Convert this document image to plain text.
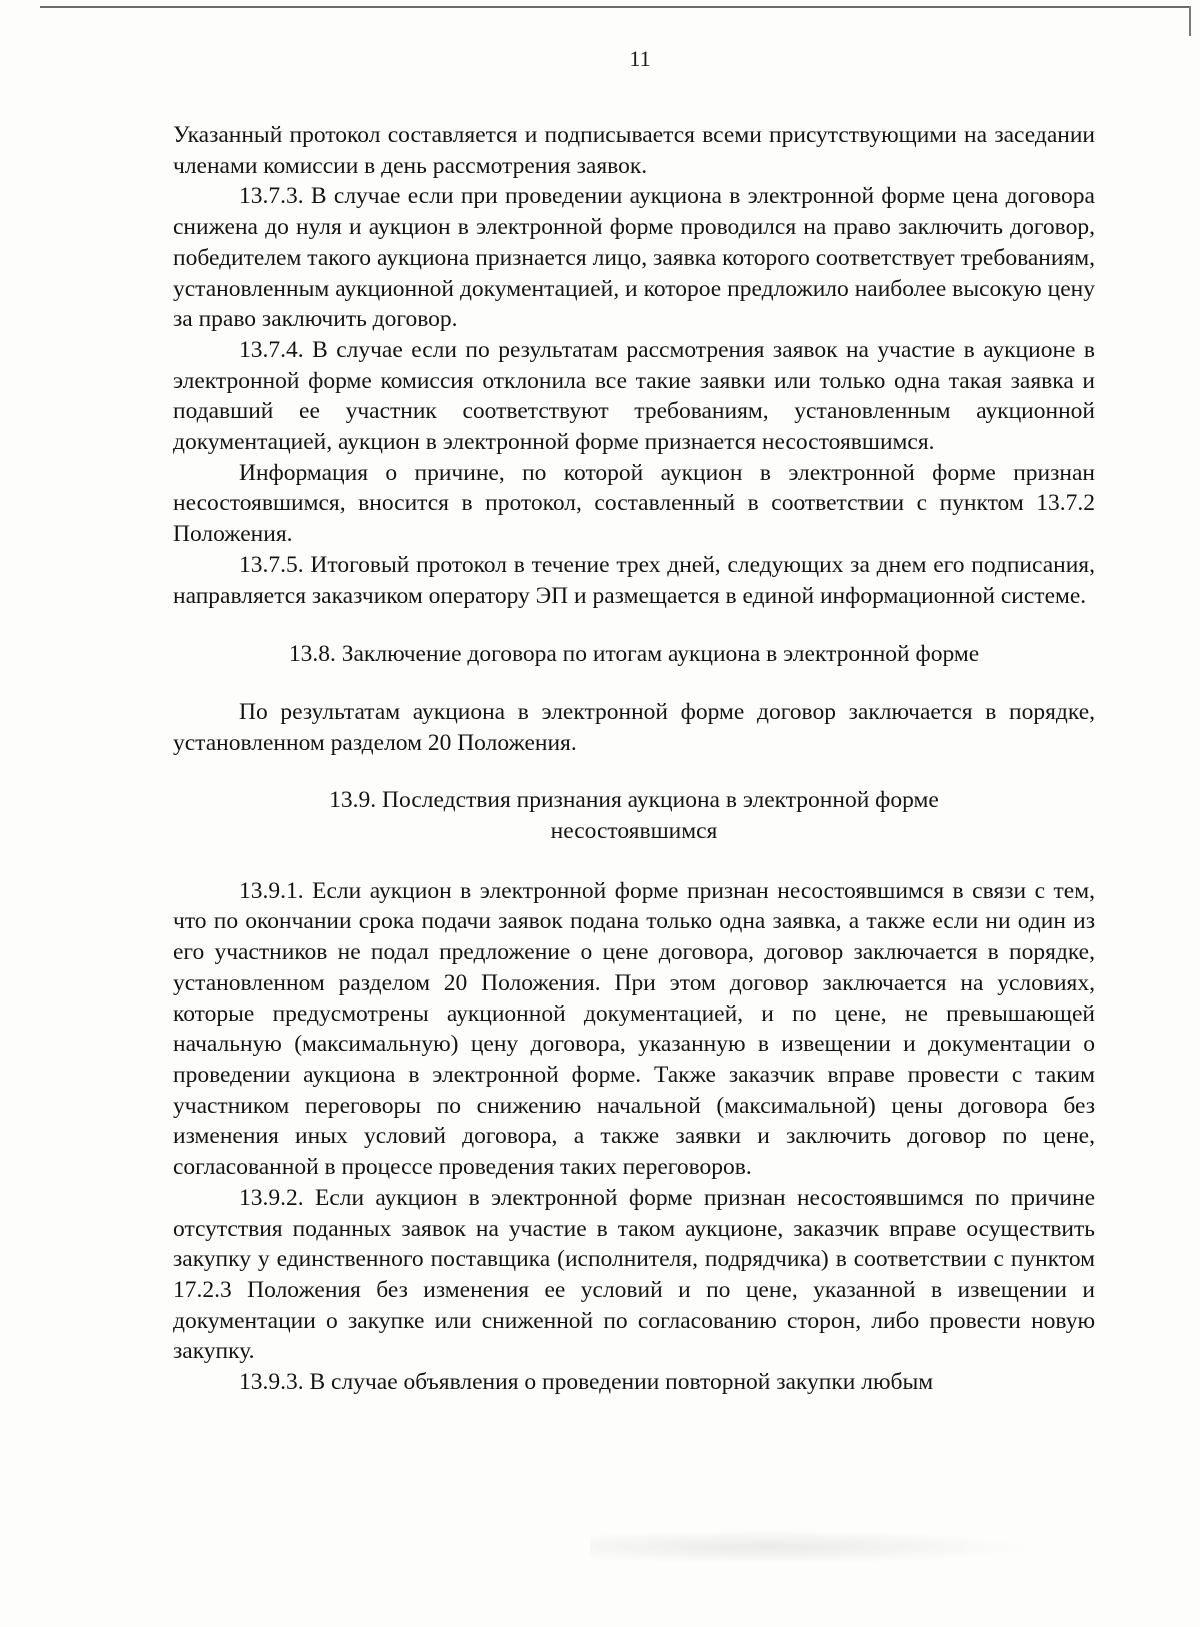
11

Указанный протокол составляется и подписывается всеми присутствующими на заседании членами комиссии в день рассмотрения заявок.

13.7.3. В случае если при проведении аукциона в электронной форме цена договора снижена до нуля и аукцион в электронной форме проводился на право заключить договор, победителем такого аукциона признается лицо, заявка которого соответствует требованиям, установленным аукционной документацией, и которое предложило наиболее высокую цену за право заключить договор.

13.7.4. В случае если по результатам рассмотрения заявок на участие в аукционе в электронной форме комиссия отклонила все такие заявки или только одна такая заявка и подавший ее участник соответствуют требованиям, установленным аукционной документацией, аукцион в электронной форме признается несостоявшимся.

Информация о причине, по которой аукцион в электронной форме признан несостоявшимся, вносится в протокол, составленный в соответствии с пунктом 13.7.2 Положения.

13.7.5. Итоговый протокол в течение трех дней, следующих за днем его подписания, направляется заказчиком оператору ЭП и размещается в единой информационной системе.

13.8. Заключение договора по итогам аукциона в электронной форме

По результатам аукциона в электронной форме договор заключается в порядке, установленном разделом 20 Положения.

13.9. Последствия признания аукциона в электронной форме

несостоявшимся

13.9.1. Если аукцион в электронной форме признан несостоявшимся в связи с тем, что по окончании срока подачи заявок подана только одна заявка, а также если ни один из его участников не подал предложение о цене договора, договор заключается в порядке, установленном разделом 20 Положения. При этом договор заключается на условиях, которые предусмотрены аукционной документацией, и по цене, не превышающей начальную (максимальную) цену договора, указанную в извещении и документации о проведении аукциона в электронной форме. Также заказчик вправе провести с таким участником переговоры по снижению начальной (максимальной) цены договора без изменения иных условий договора, а также заявки и заключить договор по цене, согласованной в процессе проведения таких переговоров.

13.9.2. Если аукцион в электронной форме признан несостоявшимся по причине отсутствия поданных заявок на участие в таком аукционе, заказчик вправе осуществить закупку у единственного поставщика (исполнителя, подрядчика) в соответствии с пунктом 17.2.3 Положения без изменения ее условий и по цене, указанной в извещении и документации о закупке или сниженной по согласованию сторон, либо провести новую закупку.

13.9.3. В случае объявления о проведении повторной закупки любым
